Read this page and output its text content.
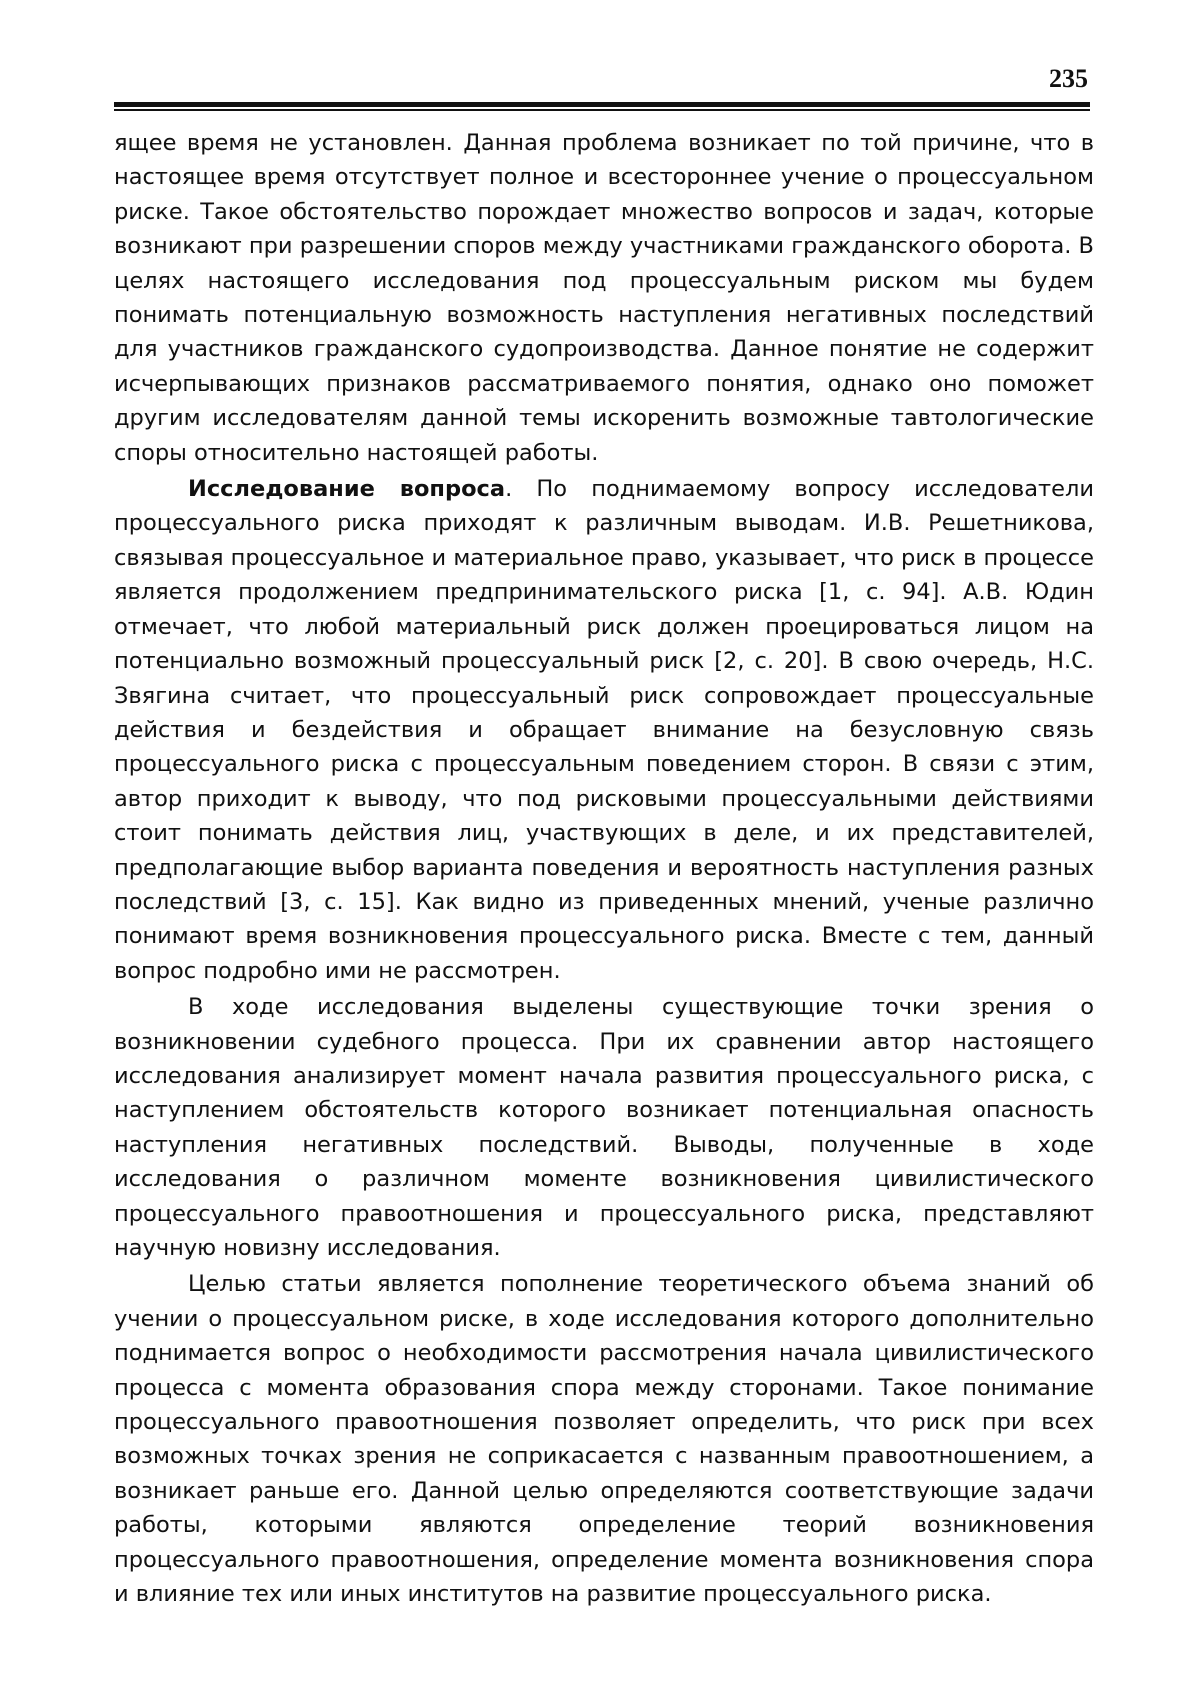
235

ящее время не установлен. Данная проблема возникает по той причине, что в настоящее время отсутствует полное и всестороннее учение о процессуальном риске. Такое обстоятельство порождает множество вопросов и задач, которые возникают при разрешении споров между участниками гражданского оборота. В целях настоящего исследования под процессуальным риском мы будем понимать потенциальную возможность наступления негативных последствий для участников гражданского судопроизводства. Данное понятие не содержит исчерпывающих признаков рассматриваемого понятия, однако оно поможет другим исследователям данной темы искоренить возможные тавтологические споры относительно настоящей работы.

Исследование вопроса. По поднимаемому вопросу исследователи процессуального риска приходят к различным выводам. И.В. Решетникова, связывая процессуальное и материальное право, указывает, что риск в процессе является продолжением предпринимательского риска [1, с. 94]. А.В. Юдин отмечает, что любой материальный риск должен проецироваться лицом на потенциально возможный процессуальный риск [2, с. 20]. В свою очередь, Н.С. Звягина считает, что процессуальный риск сопровождает процессуальные действия и бездействия и обращает внимание на безусловную связь процессуального риска с процессуальным поведением сторон. В связи с этим, автор приходит к выводу, что под рисковыми процессуальными действиями стоит понимать действия лиц, участвующих в деле, и их представителей, предполагающие выбор варианта поведения и вероятность наступления разных последствий [3, с. 15]. Как видно из приведенных мнений, ученые различно понимают время возникновения процессуального риска. Вместе с тем, данный вопрос подробно ими не рассмотрен.

В ходе исследования выделены существующие точки зрения о возникновении судебного процесса. При их сравнении автор настоящего исследования анализирует момент начала развития процессуального риска, с наступлением обстоятельств которого возникает потенциальная опасность наступления негативных последствий. Выводы, полученные в ходе исследования о различном моменте возникновения цивилистического процессуального правоотношения и процессуального риска, представляют научную новизну исследования.

Целью статьи является пополнение теоретического объема знаний об учении о процессуальном риске, в ходе исследования которого дополнительно поднимается вопрос о необходимости рассмотрения начала цивилистического процесса с момента образования спора между сторонами. Такое понимание процессуального правоотношения позволяет определить, что риск при всех возможных точках зрения не соприкасается с названным правоотношением, а возникает раньше его. Данной целью определяются соответствующие задачи работы, которыми являются определение теорий возникновения процессуального правоотношения, определение момента возникновения спора и влияние тех или иных институтов на развитие процессуального риска.
